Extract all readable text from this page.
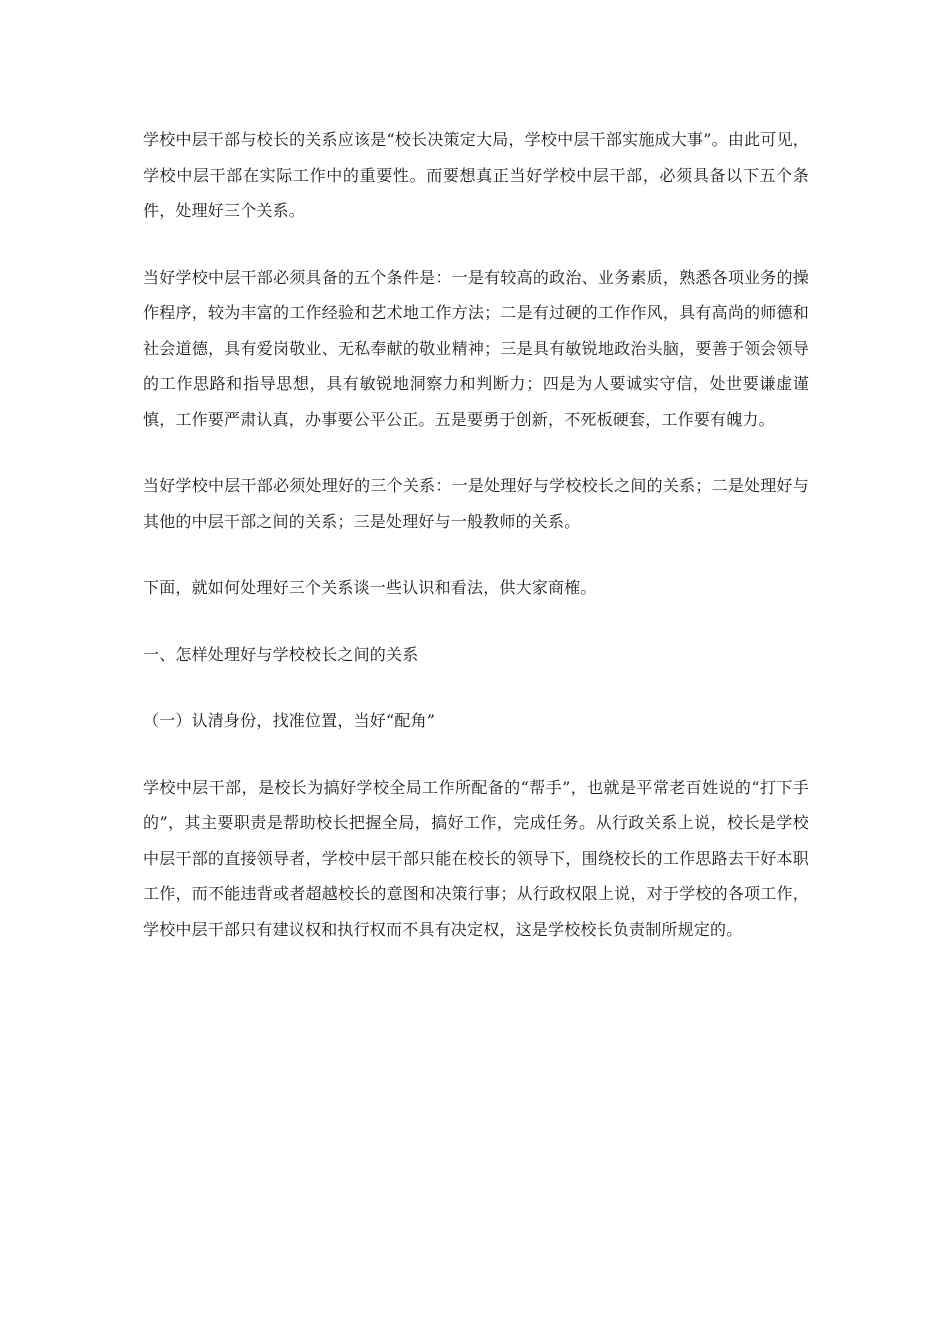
学校中层干部与校长的关系应该是“校长决策定大局，学校中层干部实施成大事”。由此可见，学校中层干部在实际工作中的重要性。而要想真正当好学校中层干部，必须具备以下五个条件，处理好三个关系。

当好学校中层干部必须具备的五个条件是：一是有较高的政治、业务素质，熟悉各项业务的操作程序，较为丰富的工作经验和艺术地工作方法；二是有过硬的工作作风，具有高尚的师德和社会道德，具有爱岗敬业、无私奉献的敬业精神；三是具有敏锐地政治头脑，要善于领会领导的工作思路和指导思想，具有敏锐地洞察力和判断力；四是为人要诚实守信，处世要谦虚谨慎，工作要严肃认真，办事要公平公正。五是要勇于创新，不死板硬套，工作要有魄力。

当好学校中层干部必须处理好的三个关系：一是处理好与学校校长之间的关系；二是处理好与其他的中层干部之间的关系；三是处理好与一般教师的关系。

下面，就如何处理好三个关系谈一些认识和看法，供大家商榷。

一、怎样处理好与学校校长之间的关系

（一）认清身份，找准位置，当好“配角”

学校中层干部，是校长为搞好学校全局工作所配备的“帮手”，也就是平常老百姓说的“打下手的”，其主要职责是帮助校长把握全局，搞好工作，完成任务。从行政关系上说，校长是学校中层干部的直接领导者，学校中层干部只能在校长的领导下，围绕校长的工作思路去干好本职工作，而不能违背或者超越校长的意图和决策行事；从行政权限上说，对于学校的各项工作，学校中层干部只有建议权和执行权而不具有决定权，这是学校校长负责制所规定的。
